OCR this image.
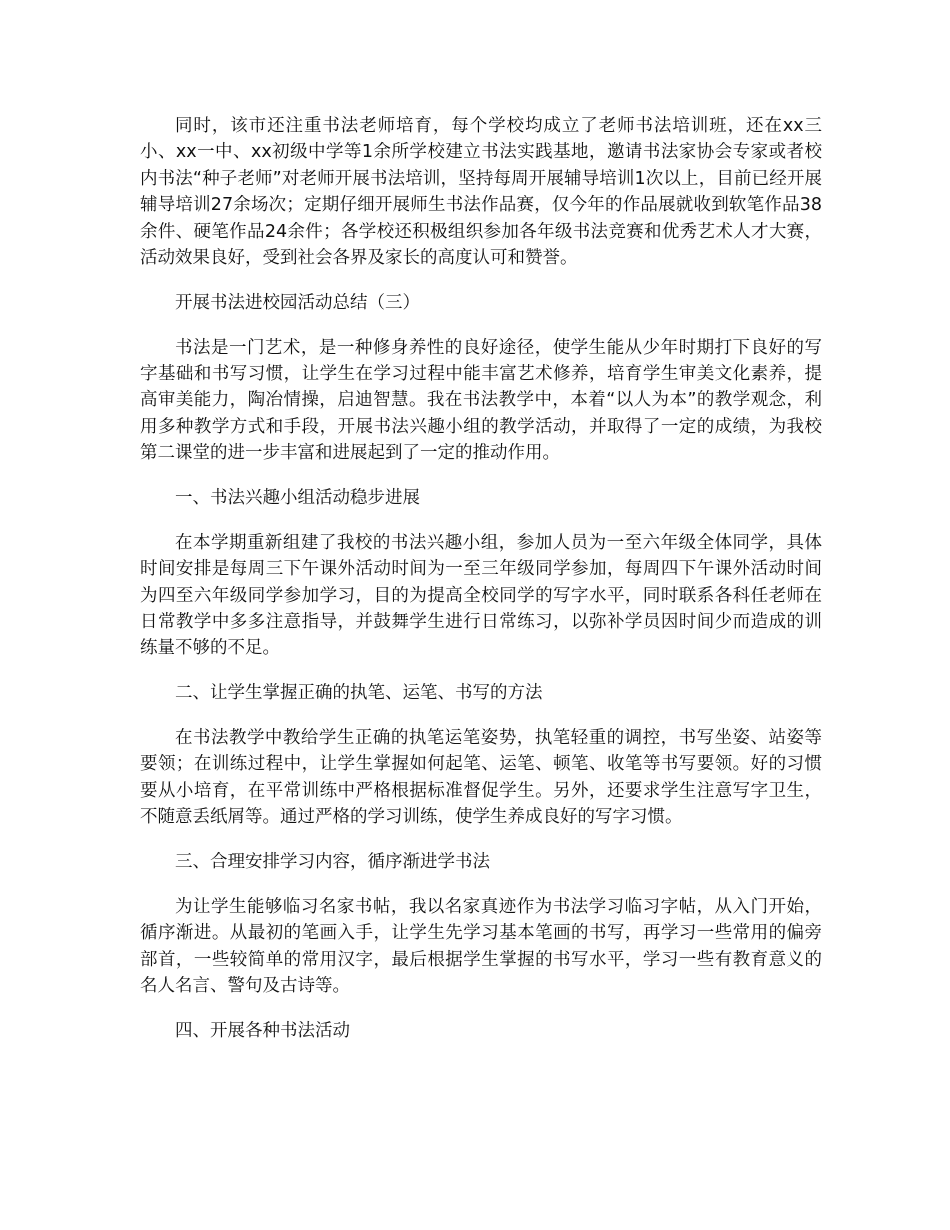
同时，该市还注重书法老师培育，每个学校均成立了老师书法培训班，还在xx三小、xx一中、xx初级中学等1余所学校建立书法实践基地，邀请书法家协会专家或者校内书法“种子老师”对老师开展书法培训，坚持每周开展辅导培训1次以上，目前已经开展辅导培训27余场次；定期仔细开展师生书法作品赛，仅今年的作品展就收到软笔作品38余件、硬笔作品24余件；各学校还积极组织参加各年级书法竞赛和优秀艺术人才大赛，活动效果良好，受到社会各界及家长的高度认可和赞誉。

开展书法进校园活动总结（三）

书法是一门艺术，是一种修身养性的良好途径，使学生能从少年时期打下良好的写字基础和书写习惯，让学生在学习过程中能丰富艺术修养，培育学生审美文化素养，提高审美能力，陶冶情操，启迪智慧。我在书法教学中，本着“以人为本”的教学观念，利用多种教学方式和手段，开展书法兴趣小组的教学活动，并取得了一定的成绩，为我校第二课堂的进一步丰富和进展起到了一定的推动作用。

一、书法兴趣小组活动稳步进展

在本学期重新组建了我校的书法兴趣小组，参加人员为一至六年级全体同学，具体时间安排是每周三下午课外活动时间为一至三年级同学参加，每周四下午课外活动时间为四至六年级同学参加学习，目的为提高全校同学的写字水平，同时联系各科任老师在日常教学中多多注意指导，并鼓舞学生进行日常练习，以弥补学员因时间少而造成的训练量不够的不足。

二、让学生掌握正确的执笔、运笔、书写的方法

在书法教学中教给学生正确的执笔运笔姿势，执笔轻重的调控，书写坐姿、站姿等要领；在训练过程中，让学生掌握如何起笔、运笔、顿笔、收笔等书写要领。好的习惯要从小培育，在平常训练中严格根据标准督促学生。另外，还要求学生注意写字卫生，不随意丢纸屑等。通过严格的学习训练，使学生养成良好的写字习惯。

三、合理安排学习内容，循序渐进学书法

为让学生能够临习名家书帖，我以名家真迹作为书法学习临习字帖，从入门开始，循序渐进。从最初的笔画入手，让学生先学习基本笔画的书写，再学习一些常用的偏旁部首，一些较简单的常用汉字，最后根据学生掌握的书写水平，学习一些有教育意义的名人名言、警句及古诗等。

四、开展各种书法活动
